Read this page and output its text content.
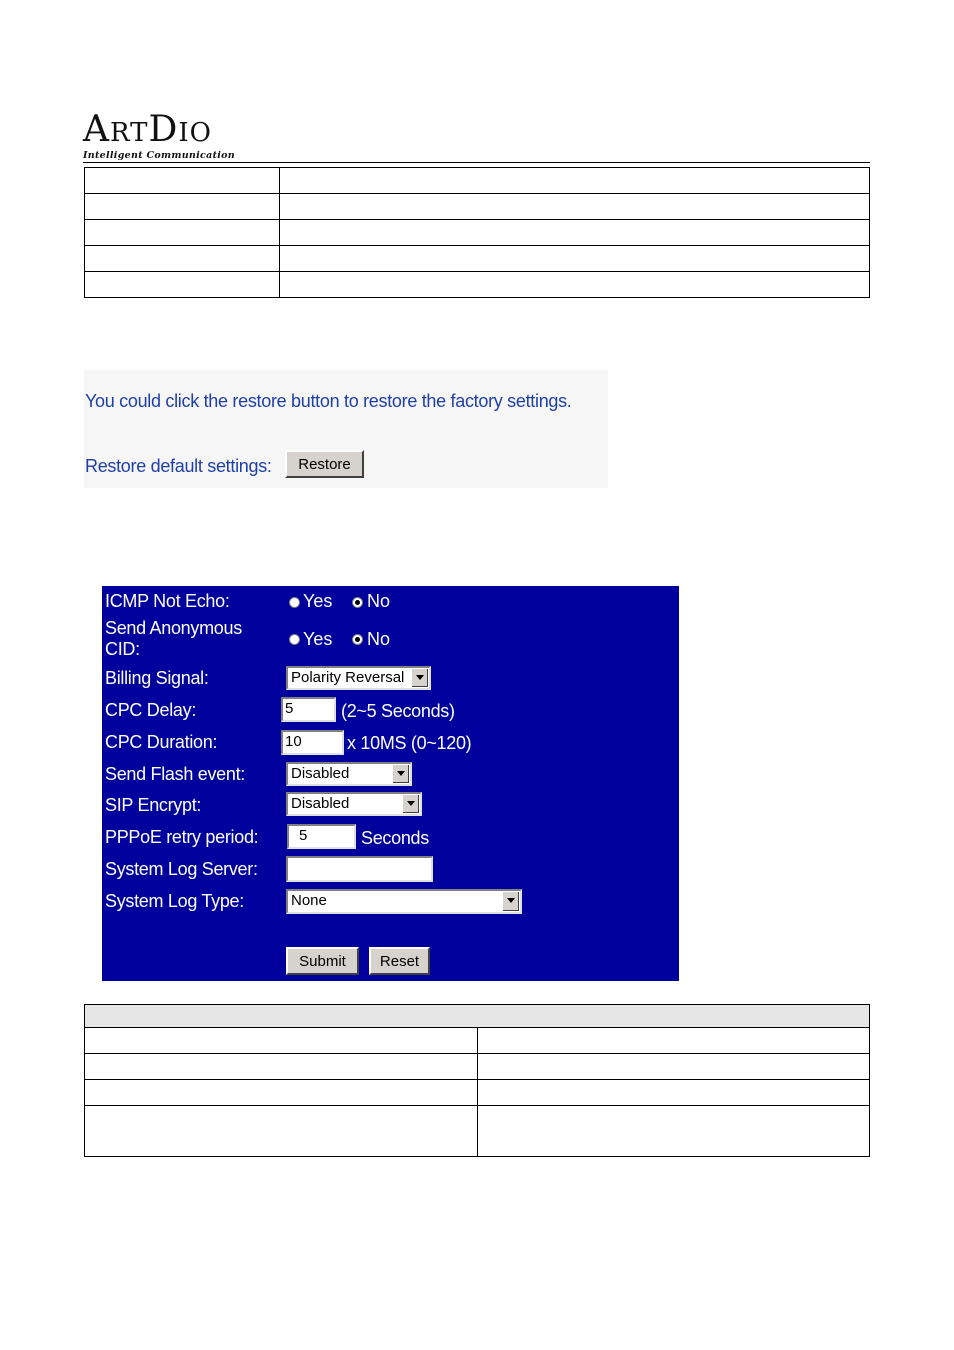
ARTDIO
Intelligent Communication

You could click the restore button to restore the factory settings.
Restore default settings:	Restore
ICMP Not Echo:	Yes No
Send Anonymous
CID:	Yes No
Billing Signal:	Polarity Reversal
CPC Delay:	5	(2~5 Seconds)
CPC Duration:	10	x 10MS (0~120)
Send Flash event:	Disabled
SIP Encrypt:	Disabled
PPPoE retry period:	5	Seconds
System Log Server:
System Log Type:	None
Submit	Reset
